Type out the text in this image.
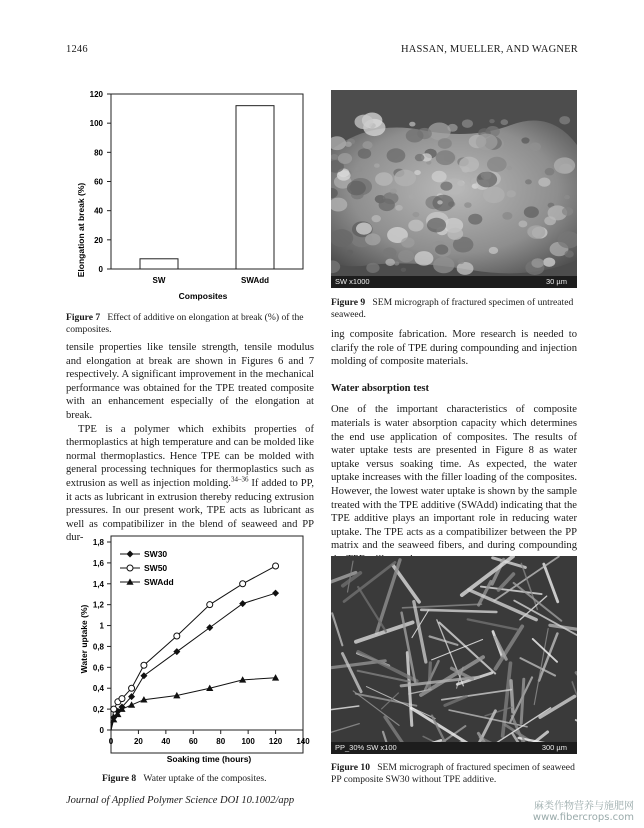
1246	HASSAN, MUELLER, AND WAGNER
0
20
40
60
80
100
120
SW	SWAdd
Elongation at break (%)
Composites
Figure 7 Effect of additive on elongation at break (%) of the composites.

tensile properties like tensile strength, tensile modulus and elongation at break are shown in Figures 6 and 7 respectively. A significant improvement in the mechanical performance was obtained for the TPE treated composite with an enhancement especially of the elongation at break.

TPE is a polymer which exhibits properties of thermoplastics at high temperature and can be molded like normal thermoplastics. Hence TPE can be molded with general processing techniques for thermoplastics such as extrusion as well as injection molding.$^{34-36}$ If added to PP, it acts as lubricant in extrusion thereby reducing extrusion pressures. In our present work, TPE acts as lubricant as well as compatibilizer in the blend of seaweed and PP dur-

0
0,2
0,4
0,6
0,8
1
1,2
1,4
1,6
1,8
0	20 40 60 80 100 120 140
SW30
SW50
SWAdd
Water uptake (%)
Soaking time (hours)
Figure 8 Water uptake of the composites.
SW x1000	30 µm
Figure 9 SEM micrograph of fractured specimen of untreated seaweed.

ing composite fabrication. More research is needed to clarify the role of TPE during compounding and injection molding of composite materials.

Water absorption test

One of the important characteristics of composite materials is water absorption capacity which determines the end use application of composites. The results of water uptake tests are presented in Figure 8 as water uptake versus soaking time. As expected, the water uptake increases with the filler loading of the composites. However, the lowest water uptake is shown by the sample treated with the TPE additive (SWAdd) indicating that the TPE additive plays an important role in reducing water uptake. The TPE acts as a compatibilizer between the PP matrix and the seaweed fibers, and during compounding

PP_30% SW x100	300 µm
Figure 10 SEM micrograph of fractured specimen of seaweed PP composite SW30 without TPE additive.
Journal of Applied Polymer Science DOI 10.1002/app
麻类作物营养与施肥网
www.fibercrops.com
